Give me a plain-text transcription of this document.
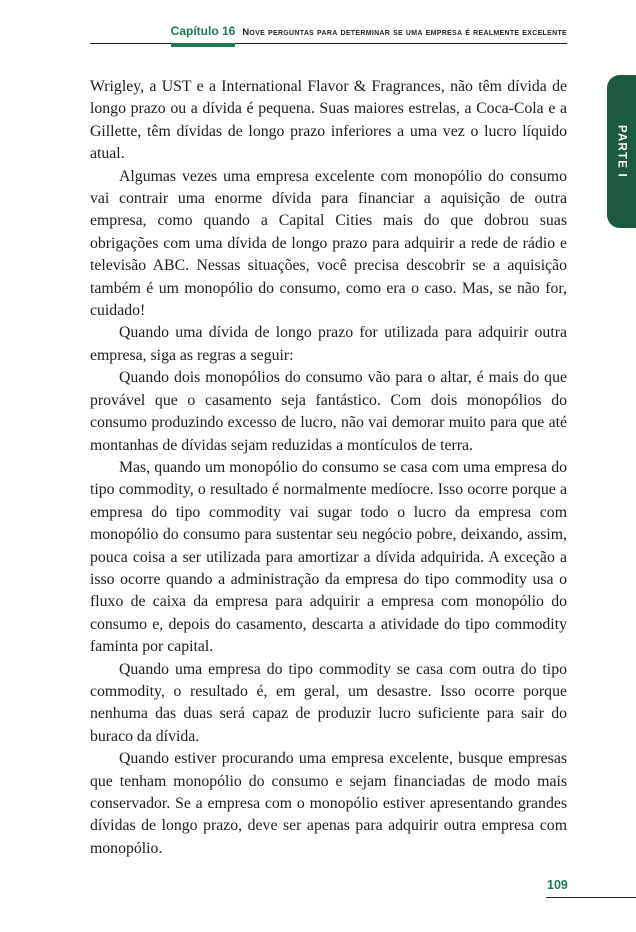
Capítulo 16 Nove perguntas para determinar se uma empresa é realmente excelente

Wrigley, a UST e a International Flavor & Fragrances, não têm dívida de longo prazo ou a dívida é pequena. Suas maiores estrelas, a Coca-Cola e a Gillette, têm dívidas de longo prazo inferiores a uma vez o lucro líquido atual.

Algumas vezes uma empresa excelente com monopólio do consumo vai contrair uma enorme dívida para financiar a aquisição de outra empresa, como quando a Capital Cities mais do que dobrou suas obrigações com uma dívida de longo prazo para adquirir a rede de rádio e televisão ABC. Nessas situações, você precisa descobrir se a aquisição também é um monopólio do consumo, como era o caso. Mas, se não for, cuidado!

Quando uma dívida de longo prazo for utilizada para adquirir outra empresa, siga as regras a seguir:

Quando dois monopólios do consumo vão para o altar, é mais do que provável que o casamento seja fantástico. Com dois monopólios do consumo produzindo excesso de lucro, não vai demorar muito para que até montanhas de dívidas sejam reduzidas a montículos de terra.

Mas, quando um monopólio do consumo se casa com uma empresa do tipo commodity, o resultado é normalmente medíocre. Isso ocorre porque a empresa do tipo commodity vai sugar todo o lucro da empresa com monopólio do consumo para sustentar seu negócio pobre, deixando, assim, pouca coisa a ser utilizada para amortizar a dívida adquirida. A exceção a isso ocorre quando a administração da empresa do tipo commodity usa o fluxo de caixa da empresa para adquirir a empresa com monopólio do consumo e, depois do casamento, descarta a atividade do tipo commodity faminta por capital.

Quando uma empresa do tipo commodity se casa com outra do tipo commodity, o resultado é, em geral, um desastre. Isso ocorre porque nenhuma das duas será capaz de produzir lucro suficiente para sair do buraco da dívida.

Quando estiver procurando uma empresa excelente, busque empresas que tenham monopólio do consumo e sejam financiadas de modo mais conservador. Se a empresa com o monopólio estiver apresentando grandes dívidas de longo prazo, deve ser apenas para adquirir outra empresa com monopólio.

PARTE I
109
